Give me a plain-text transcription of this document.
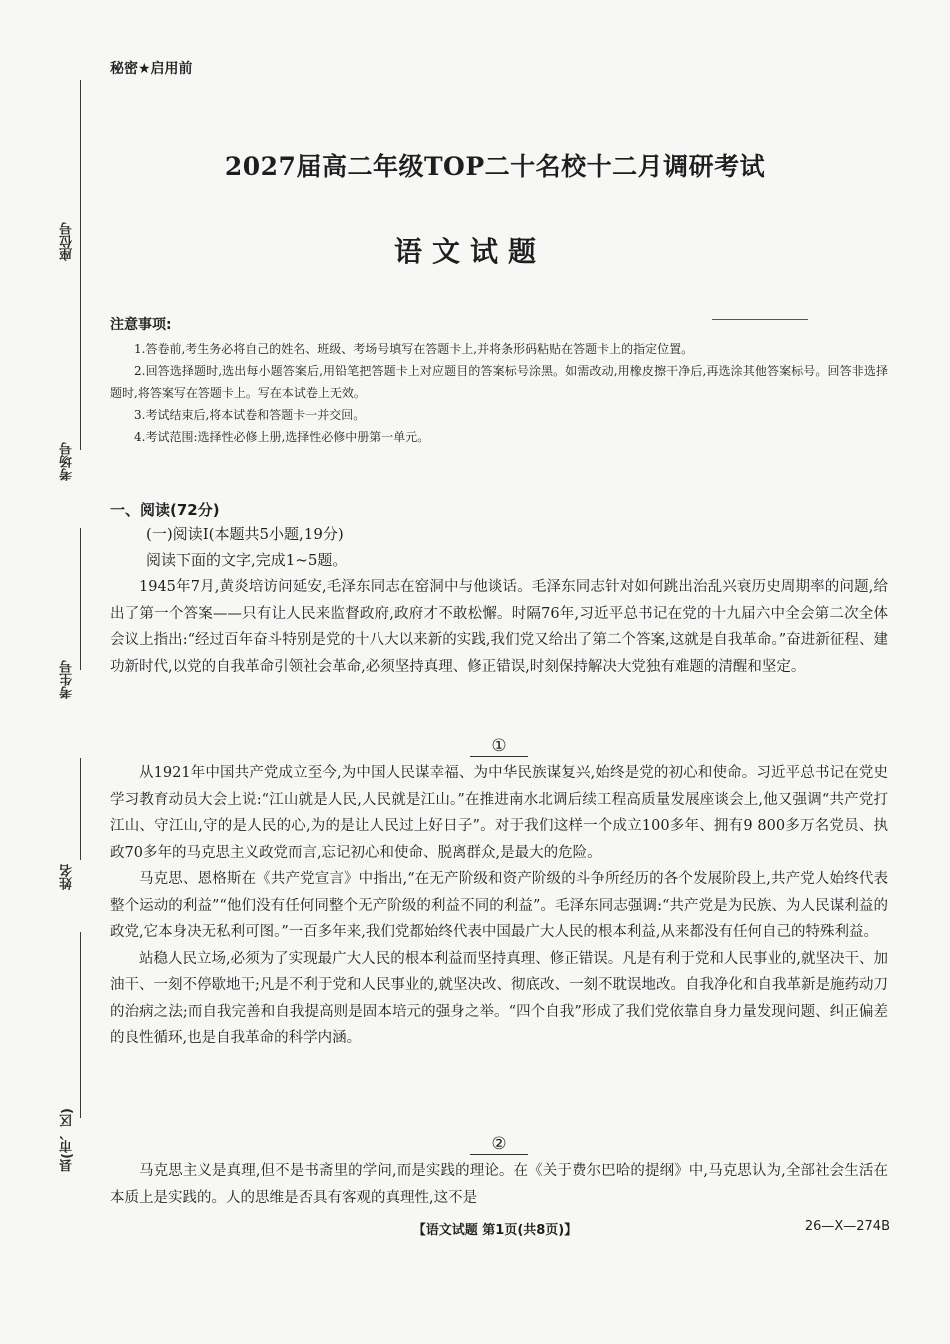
座位号
考场号
考生号
姓名
县(市、区)
秘密★启用前
2027届高二年级TOP二十名校十二月调研考试
语文试题
注意事项:

1.答卷前,考生务必将自己的姓名、班级、考场号填写在答题卡上,并将条形码粘贴在答题卡上的指定位置。

2.回答选择题时,选出每小题答案后,用铅笔把答题卡上对应题目的答案标号涂黑。如需改动,用橡皮擦干净后,再选涂其他答案标号。回答非选择题时,将答案写在答题卡上。写在本试卷上无效。

3.考试结束后,将本试卷和答题卡一并交回。

4.考试范围:选择性必修上册,选择性必修中册第一单元。

一、阅读(72分)
(一)阅读Ⅰ(本题共5小题,19分)
阅读下面的文字,完成1~5题。

1945年7月,黄炎培访问延安,毛泽东同志在窑洞中与他谈话。毛泽东同志针对如何跳出治乱兴衰历史周期率的问题,给出了第一个答案——只有让人民来监督政府,政府才不敢松懈。时隔76年,习近平总书记在党的十九届六中全会第二次全体会议上指出:“经过百年奋斗特别是党的十八大以来新的实践,我们党又给出了第二个答案,这就是自我革命。”奋进新征程、建功新时代,以党的自我革命引领社会革命,必须坚持真理、修正错误,时刻保持解决大党独有难题的清醒和坚定。

①

从1921年中国共产党成立至今,为中国人民谋幸福、为中华民族谋复兴,始终是党的初心和使命。习近平总书记在党史学习教育动员大会上说:“江山就是人民,人民就是江山。”在推进南水北调后续工程高质量发展座谈会上,他又强调“共产党打江山、守江山,守的是人民的心,为的是让人民过上好日子”。对于我们这样一个成立100多年、拥有9 800多万名党员、执政70多年的马克思主义政党而言,忘记初心和使命、脱离群众,是最大的危险。

马克思、恩格斯在《共产党宣言》中指出,“在无产阶级和资产阶级的斗争所经历的各个发展阶段上,共产党人始终代表整个运动的利益”“他们没有任何同整个无产阶级的利益不同的利益”。毛泽东同志强调:“共产党是为民族、为人民谋利益的政党,它本身决无私利可图。”一百多年来,我们党都始终代表中国最广大人民的根本利益,从来都没有任何自己的特殊利益。

站稳人民立场,必须为了实现最广大人民的根本利益而坚持真理、修正错误。凡是有利于党和人民事业的,就坚决干、加油干、一刻不停歇地干;凡是不利于党和人民事业的,就坚决改、彻底改、一刻不耽误地改。自我净化和自我革新是施药动刀的治病之法;而自我完善和自我提高则是固本培元的强身之举。“四个自我”形成了我们党依靠自身力量发现问题、纠正偏差的良性循环,也是自我革命的科学内涵。

②

马克思主义是真理,但不是书斋里的学问,而是实践的理论。在《关于费尔巴哈的提纲》中,马克思认为,全部社会生活在本质上是实践的。人的思维是否具有客观的真理性,这不是

【语文试题 第1页(共8页)】	26—X—274B
